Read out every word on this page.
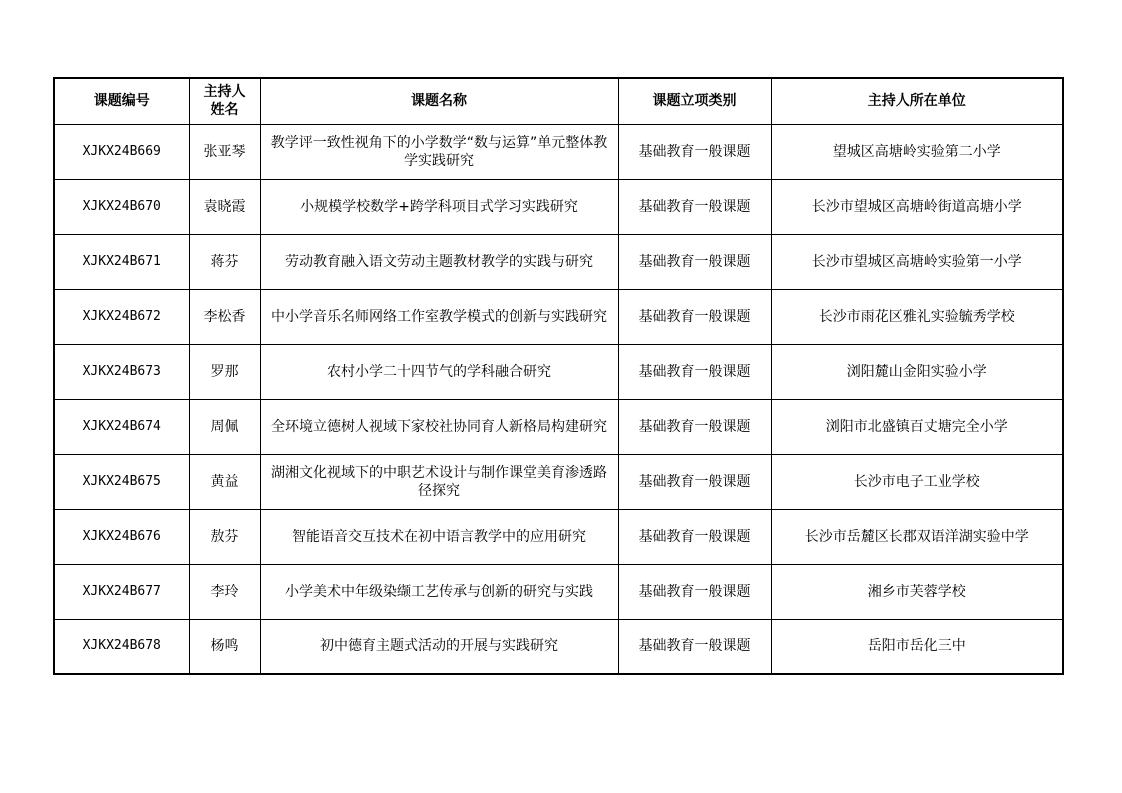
课题编号	主持人姓名	课题名称	课题立项类别	主持人所在单位
XJKX24B669	张亚琴	教学评一致性视角下的小学数学“数与运算”单元整体教学实践研究	基础教育一般课题	望城区高塘岭实验第二小学
XJKX24B670	袁晓霞	小规模学校数学+跨学科项目式学习实践研究	基础教育一般课题	长沙市望城区高塘岭街道高塘小学
XJKX24B671	蒋芬	劳动教育融入语文劳动主题教材教学的实践与研究	基础教育一般课题	长沙市望城区高塘岭实验第一小学
XJKX24B672	李松香	中小学音乐名师网络工作室教学模式的创新与实践研究	基础教育一般课题	长沙市雨花区雅礼实验毓秀学校
XJKX24B673	罗那	农村小学二十四节气的学科融合研究	基础教育一般课题	浏阳麓山金阳实验小学
XJKX24B674	周佩	全环境立德树人视域下家校社协同育人新格局构建研究	基础教育一般课题	浏阳市北盛镇百丈塘完全小学
XJKX24B675	黄益	湖湘文化视域下的中职艺术设计与制作课堂美育渗透路径探究	基础教育一般课题	长沙市电子工业学校
XJKX24B676	敖芬	智能语音交互技术在初中语言教学中的应用研究	基础教育一般课题	长沙市岳麓区长郡双语洋湖实验中学
XJKX24B677	李玲	小学美术中年级染缬工艺传承与创新的研究与实践	基础教育一般课题	湘乡市芙蓉学校
XJKX24B678	杨鸣	初中德育主题式活动的开展与实践研究	基础教育一般课题	岳阳市岳化三中
